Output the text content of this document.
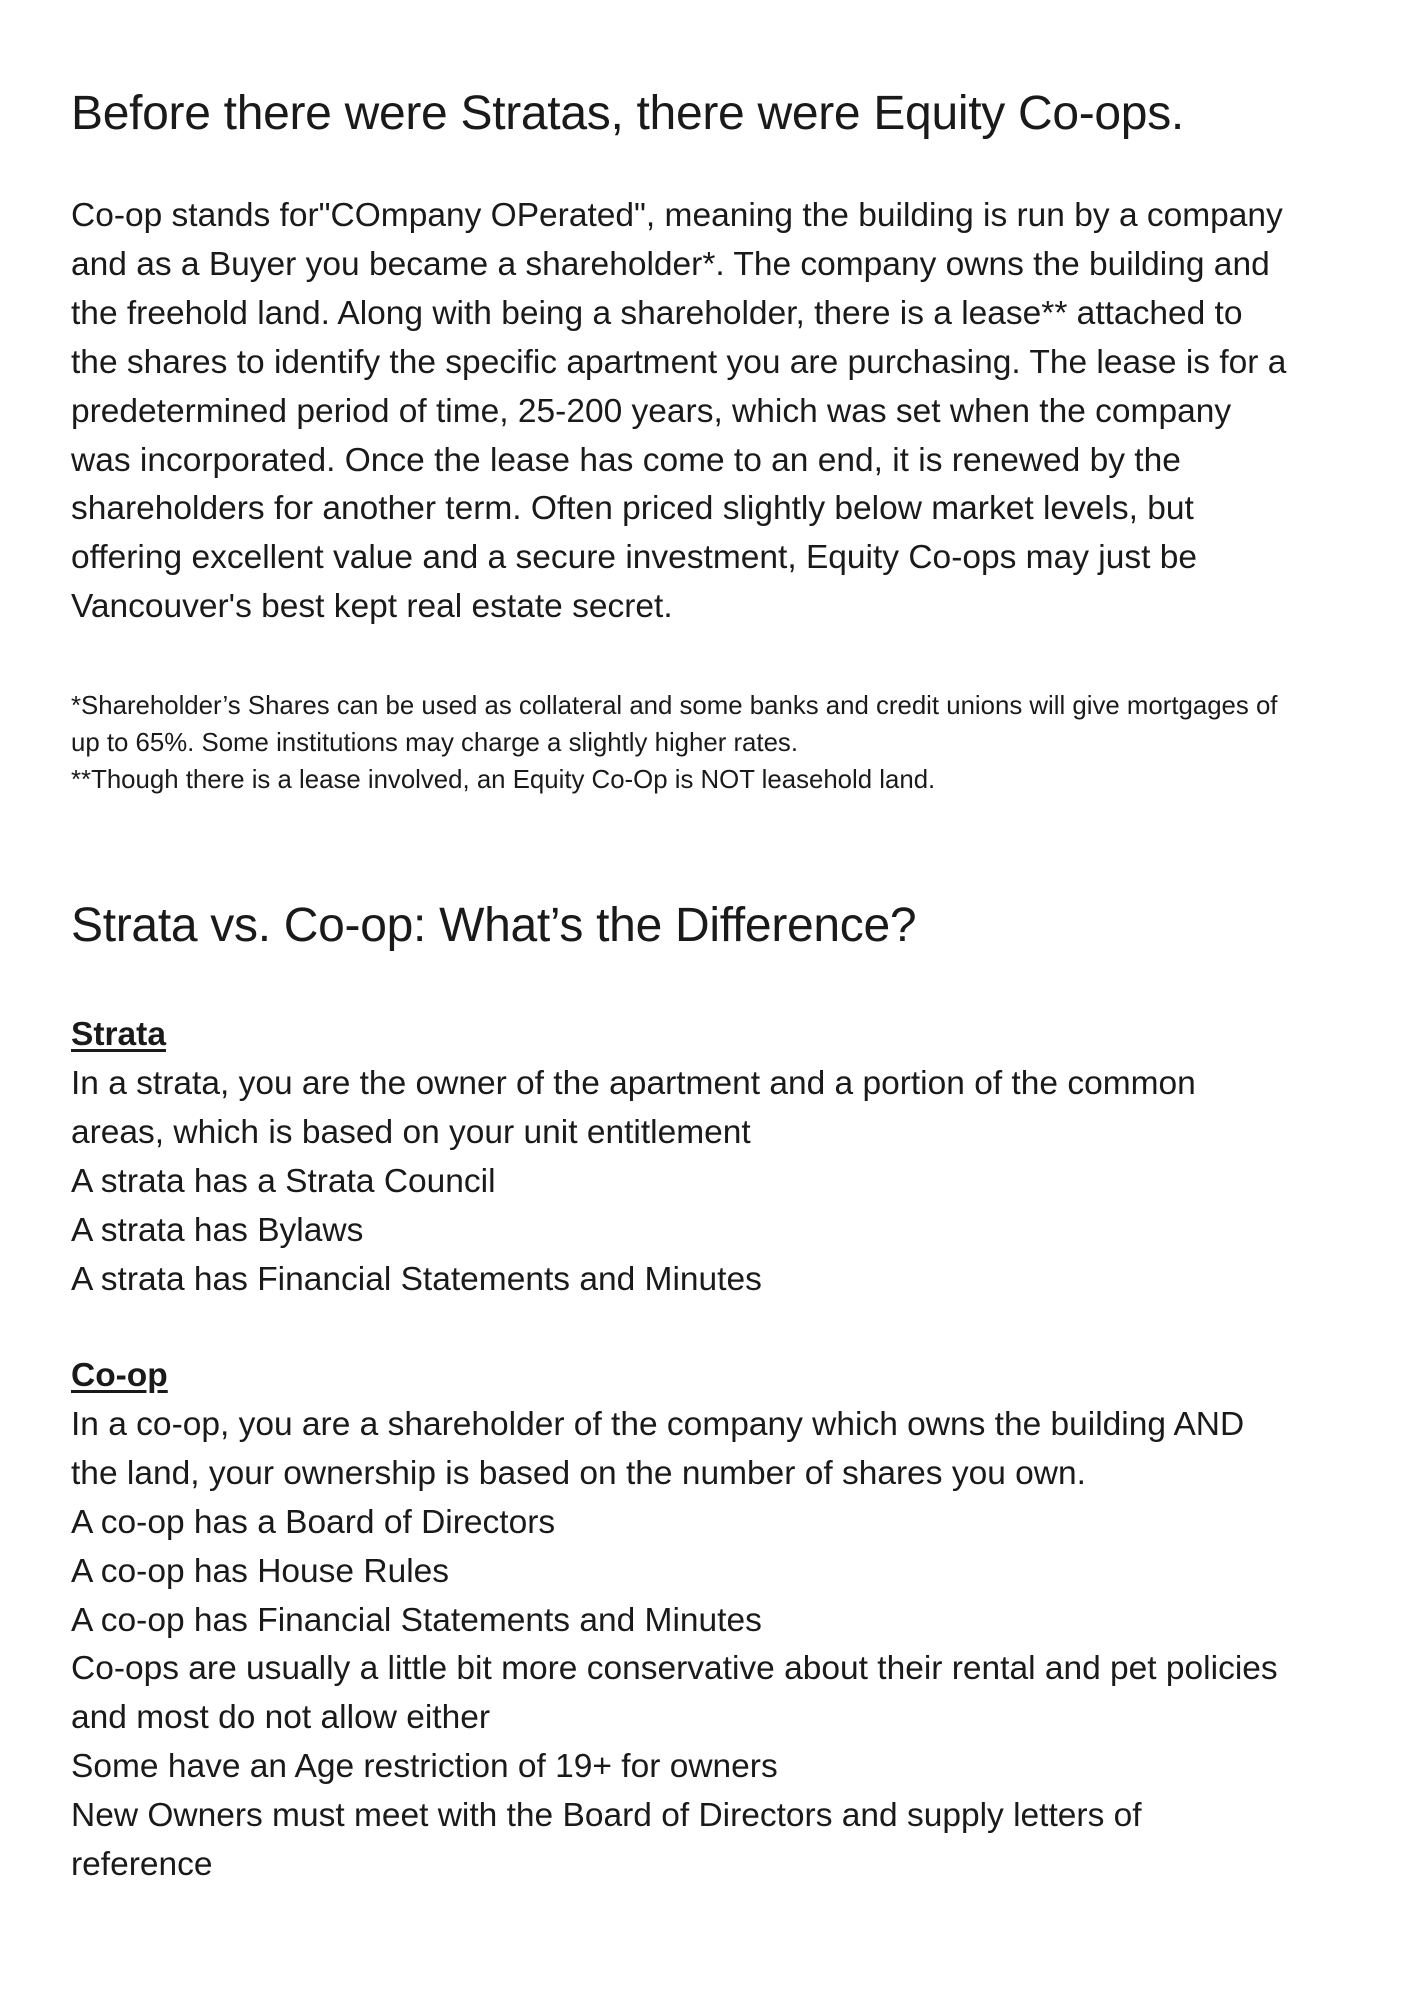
Before there were Stratas, there were Equity Co-ops.

Co-op stands for"COmpany OPerated", meaning the building is run by a company
and as a Buyer you became a shareholder*. The company owns the building and
the freehold land. Along with being a shareholder, there is a lease** attached to
the shares to identify the specific apartment you are purchasing. The lease is for a
predetermined period of time, 25-200 years, which was set when the company
was incorporated. Once the lease has come to an end, it is renewed by the
shareholders for another term. Often priced slightly below market levels, but
offering excellent value and a secure investment, Equity Co-ops may just be
Vancouver's best kept real estate secret.

*Shareholder’s Shares can be used as collateral and some banks and credit unions will give mortgages of
up to 65%. Some institutions may charge a slightly higher rates.
**Though there is a lease involved, an Equity Co-Op is NOT leasehold land.

Strata vs. Co-op: What’s the Difference?
Strata
In a strata, you are the owner of the apartment and a portion of the common
areas, which is based on your unit entitlement
A strata has a Strata Council
A strata has Bylaws
A strata has Financial Statements and Minutes
Co-op
In a co-op, you are a shareholder of the company which owns the building AND
the land, your ownership is based on the number of shares you own.
A co-op has a Board of Directors
A co-op has House Rules
A co-op has Financial Statements and Minutes
Co-ops are usually a little bit more conservative about their rental and pet policies
and most do not allow either
Some have an Age restriction of 19+ for owners
New Owners must meet with the Board of Directors and supply letters of
reference
